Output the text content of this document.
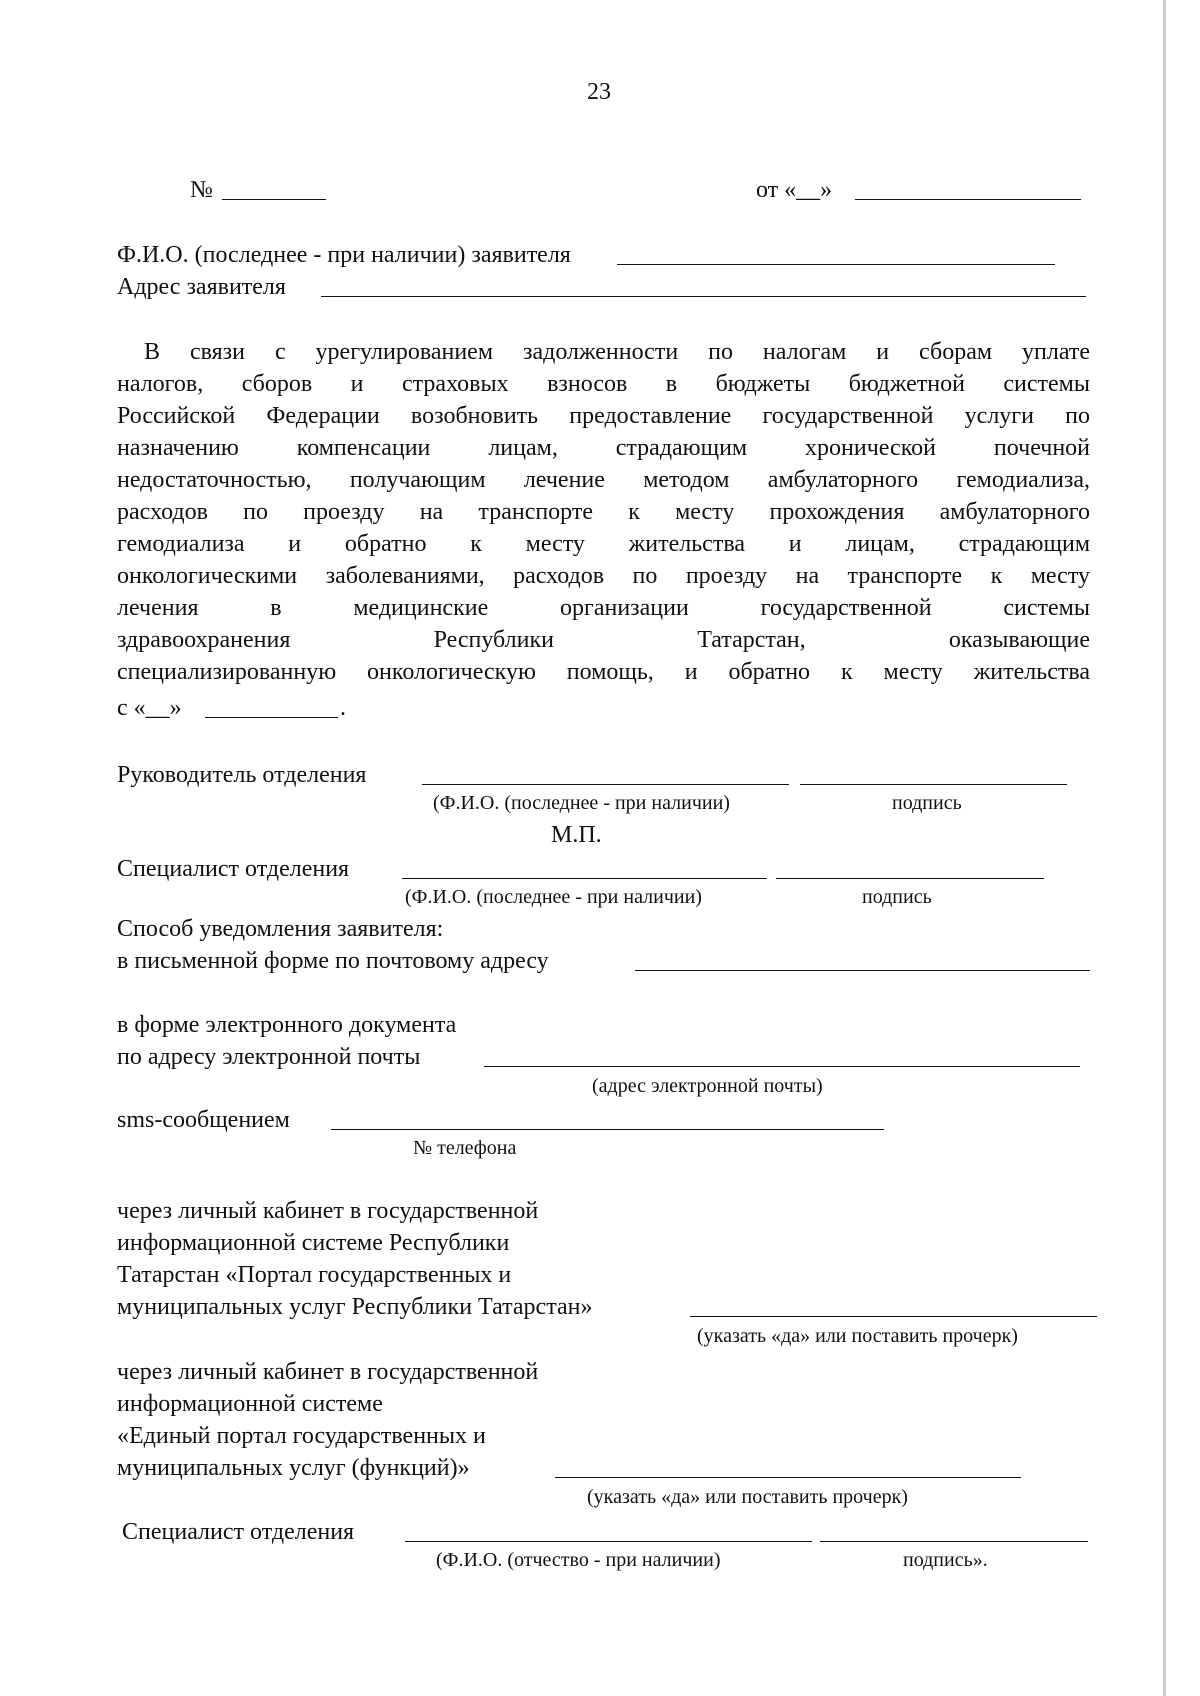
23
№	от «__»
Ф.И.О. (последнее - при наличии) заявителя
Адрес заявителя
В связи с урегулированием задолженности по налогам и сборам уплате
налогов, сборов и страховых взносов в бюджеты бюджетной системы
Российской Федерации возобновить предоставление государственной услуги по
назначению компенсации лицам, страдающим хронической почечной
недостаточностью, получающим лечение методом амбулаторного гемодиализа,
расходов по проезду на транспорте к месту прохождения амбулаторного
гемодиализа и обратно к месту жительства и лицам, страдающим
онкологическими заболеваниями, расходов по проезду на транспорте к месту
лечения в медицинские организации государственной системы
здравоохранения Республики Татарстан, оказывающие
специализированную онкологическую помощь, и обратно к месту жительства
с «__»	.
Руководитель отделения
(Ф.И.О. (последнее - при наличии)	подпись
М.П.
Специалист отделения
(Ф.И.О. (последнее - при наличии)	подпись
Способ уведомления заявителя:
в письменной форме по почтовому адресу
в форме электронного документа
по адресу электронной почты
(адрес электронной почты)
sms-сообщением
№ телефона
через личный кабинет в государственной
информационной системе Республики
Татарстан «Портал государственных и
муниципальных услуг Республики Татарстан»
(указать «да» или поставить прочерк)
через личный кабинет в государственной
информационной системе
«Единый портал государственных и
муниципальных услуг (функций)»
(указать «да» или поставить прочерк)
Специалист отделения
(Ф.И.О. (отчество - при наличии)	подпись».
